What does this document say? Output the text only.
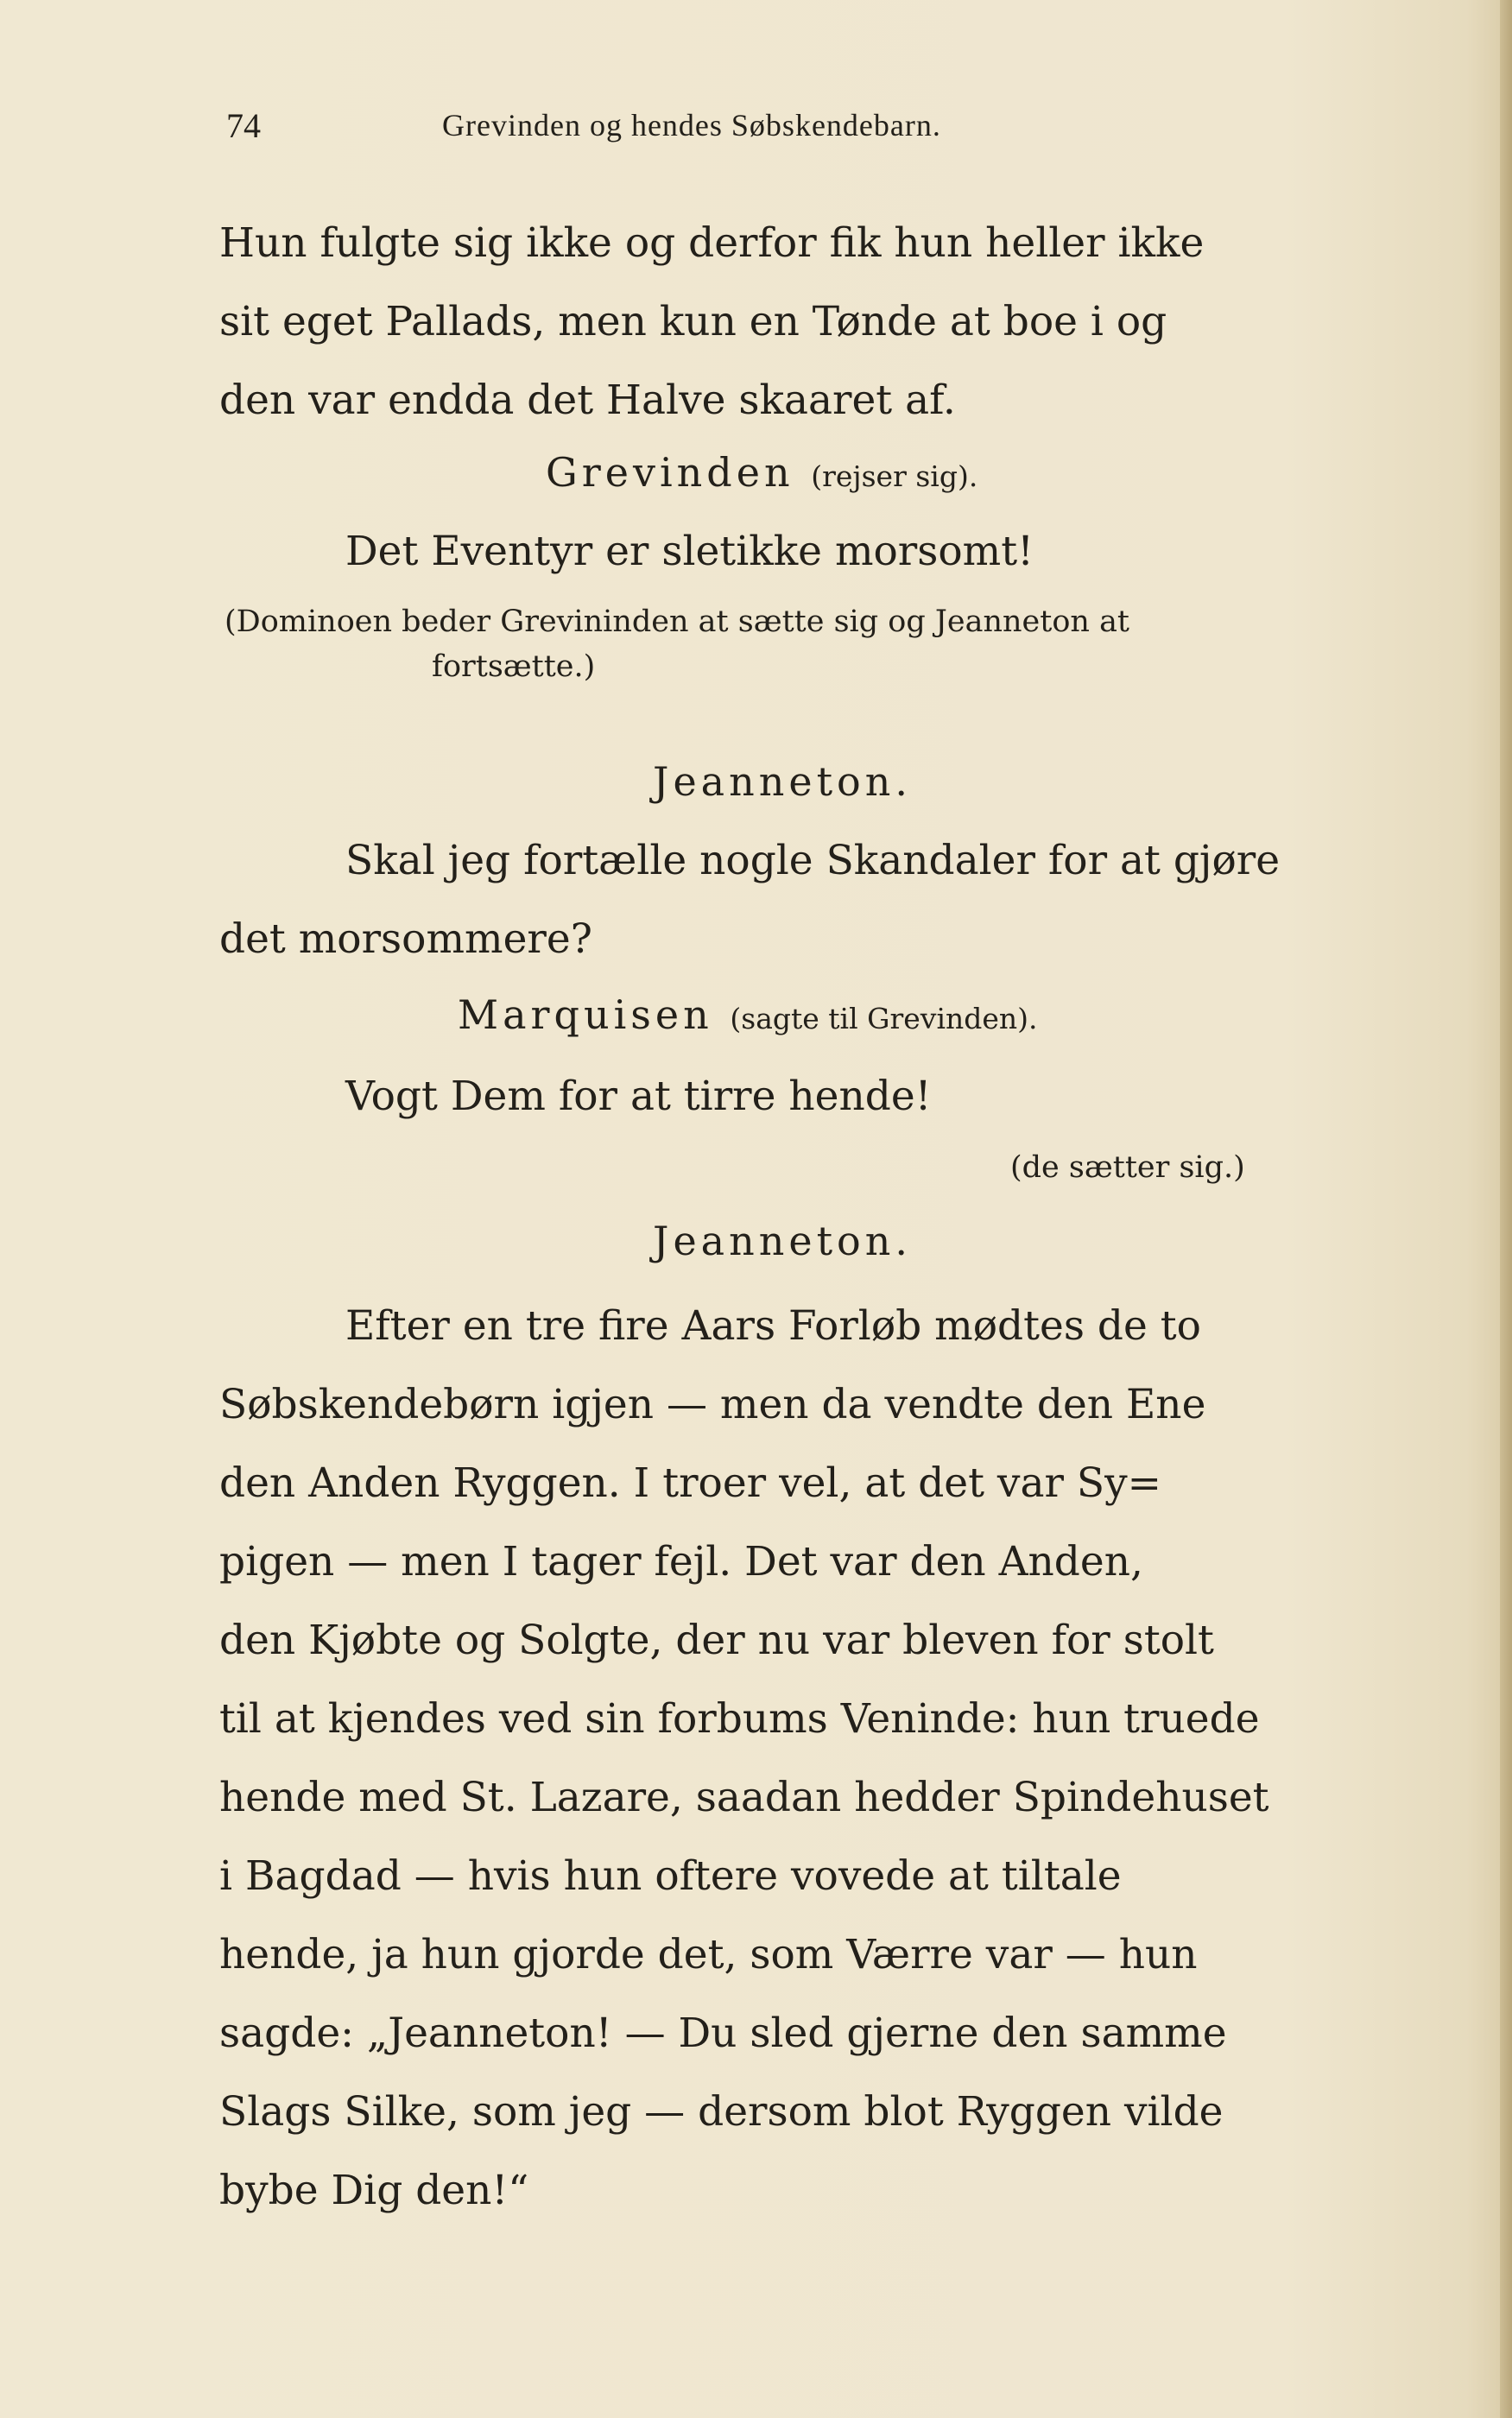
74	Grevinden og hendes Søbskendebarn.
Hun fulgte sig ikke og derfor fik hun heller ikke
sit eget Pallads, men kun en Tønde at boe i og
den var endda det Halve skaaret af.
Grevinden (rejser sig).
Det Eventyr er sletikke morsomt!
(Dominoen beder Grevininden at sætte sig og Jeanneton at
fortsætte.)
Jeanneton.
Skal jeg fortælle nogle Skandaler for at gjøre
det morsommere?
Marquisen (sagte til Grevinden).
Vogt Dem for at tirre hende!
(de sætter sig.)
Jeanneton.
Efter en tre fire Aars Forløb mødtes de to
Søbskendebørn igjen — men da vendte den Ene
den Anden Ryggen. I troer vel, at det var Sy=
pigen — men I tager fejl. Det var den Anden,
den Kjøbte og Solgte, der nu var bleven for stolt
til at kjendes ved sin forbums Veninde: hun truede
hende med St. Lazare, saadan hedder Spindehuset
i Bagdad — hvis hun oftere vovede at tiltale
hende, ja hun gjorde det, som Værre var — hun
sagde: „Jeanneton! — Du sled gjerne den samme
Slags Silke, som jeg — dersom blot Ryggen vilde
bybe Dig den!“
